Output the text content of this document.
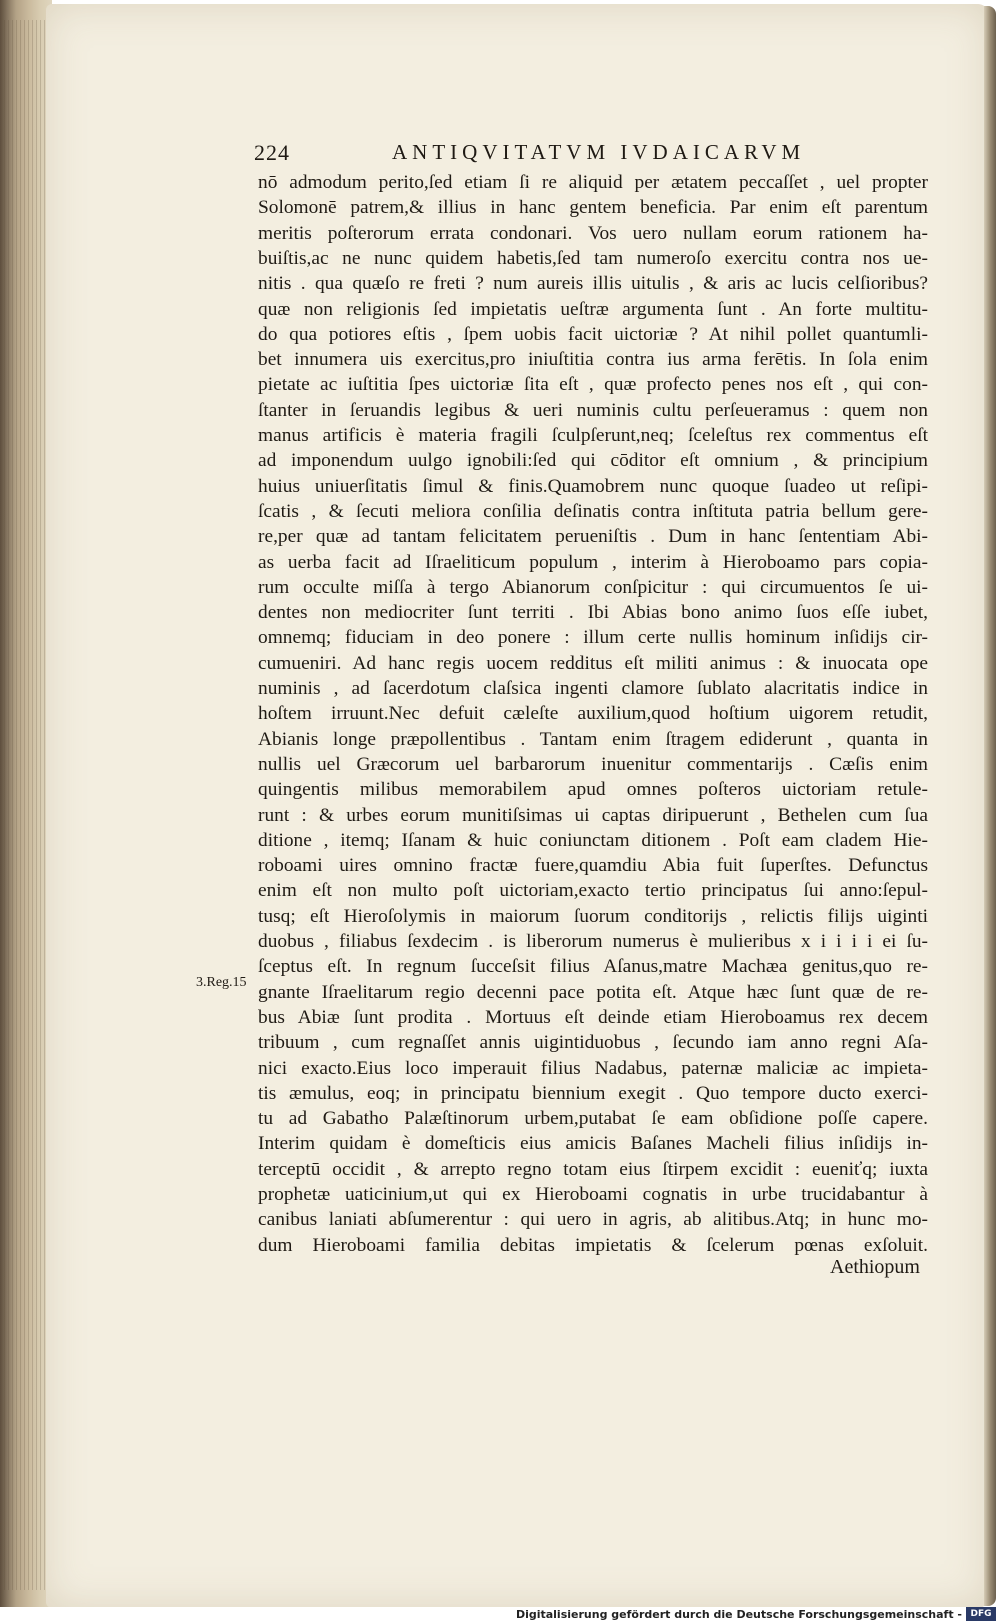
224	ANTIQVITATVM IVDAICARVM
nō admodum perito,ſed etiam ſi re aliquid per ætatem peccaſſet , uel propter
Solomonē patrem,& illius in hanc gentem beneficia. Par enim eſt parentum
meritis poſterorum errata condonari. Vos uero nullam eorum rationem ha-
buiſtis,ac ne nunc quidem habetis,ſed tam numeroſo exercitu contra nos ue-
nitis . qua quæſo re freti ? num aureis illis uitulis , & aris ac lucis celſioribus?
quæ non religionis ſed impietatis ueſtræ argumenta ſunt . An forte multitu-
do qua potiores eſtis , ſpem uobis facit uictoriæ ? At nihil pollet quantumli-
bet innumera uis exercitus,pro iniuſtitia contra ius arma ferētis. In ſola enim
pietate ac iuſtitia ſpes uictoriæ ſita eſt , quæ profecto penes nos eſt , qui con-
ſtanter in ſeruandis legibus & ueri numinis cultu perſeueramus : quem non
manus artificis è materia fragili ſculpſerunt,neq; ſceleſtus rex commentus eſt
ad imponendum uulgo ignobili:ſed qui cōditor eſt omnium , & principium
huius uniuerſitatis ſimul & finis.Quamobrem nunc quoque ſuadeo ut reſipi-
ſcatis , & ſecuti meliora conſilia deſinatis contra inſtituta patria bellum gere-
re,per quæ ad tantam felicitatem perueniſtis . Dum in hanc ſententiam Abi-
as uerba facit ad Iſraeliticum populum , interim à Hieroboamo pars copia-
rum occulte miſſa à tergo Abianorum conſpicitur : qui circumuentos ſe ui-
dentes non mediocriter ſunt territi . Ibi Abias bono animo ſuos eſſe iubet,
omnemq; fiduciam in deo ponere : illum certe nullis hominum inſidijs cir-
cumueniri. Ad hanc regis uocem redditus eſt militi animus : & inuocata ope
numinis , ad ſacerdotum claſsica ingenti clamore ſublato alacritatis indice in
hoſtem irruunt.Nec defuit cæleſte auxilium,quod hoſtium uigorem retudit,
Abianis longe præpollentibus . Tantam enim ſtragem ediderunt , quanta in
nullis uel Græcorum uel barbarorum inuenitur commentarijs . Cæſis enim
quingentis milibus memorabilem apud omnes poſteros uictoriam retule-
runt : & urbes eorum munitiſsimas ui captas diripuerunt , Bethelen cum ſua
ditione , itemq; Iſanam & huic coniunctam ditionem . Poſt eam cladem Hie-
roboami uires omnino fractæ fuere,quamdiu Abia fuit ſuperſtes. Defunctus
enim eſt non multo poſt uictoriam,exacto tertio principatus ſui anno:ſepul-
tusq; eſt Hieroſolymis in maiorum ſuorum conditorijs , relictis filijs uiginti
duobus , filiabus ſexdecim . is liberorum numerus è mulieribus x i i i i ei ſu-
ſceptus eſt. In regnum ſucceſsit filius Aſanus,matre Machæa genitus,quo re-
gnante Iſraelitarum regio decenni pace potita eſt. Atque hæc ſunt quæ de re-
bus Abiæ ſunt prodita . Mortuus eſt deinde etiam Hieroboamus rex decem
tribuum , cum regnaſſet annis uigintiduobus , ſecundo iam anno regni Aſa-
nici exacto.Eius loco imperauit filius Nadabus, paternæ maliciæ ac impieta-
tis æmulus, eoq; in principatu biennium exegit . Quo tempore ducto exerci-
tu ad Gabatho Palæſtinorum urbem,putabat ſe eam obſidione poſſe capere.
Interim quidam è domeſticis eius amicis Baſanes Macheli filius inſidijs in-
terceptū occidit , & arrepto regno totam eius ſtirpem excidit : eueniťq; iuxta
prophetæ uaticinium,ut qui ex Hieroboami cognatis in urbe trucidabantur à
canibus laniati abſumerentur : qui uero in agris, ab alitibus.Atq; in hunc mo-
dum Hieroboami familia debitas impietatis & ſcelerum pœnas exſoluit.
3.Reg.15
Aethiopum
Digitalisierung gefördert durch die Deutsche Forschungsgemeinschaft - DFG
